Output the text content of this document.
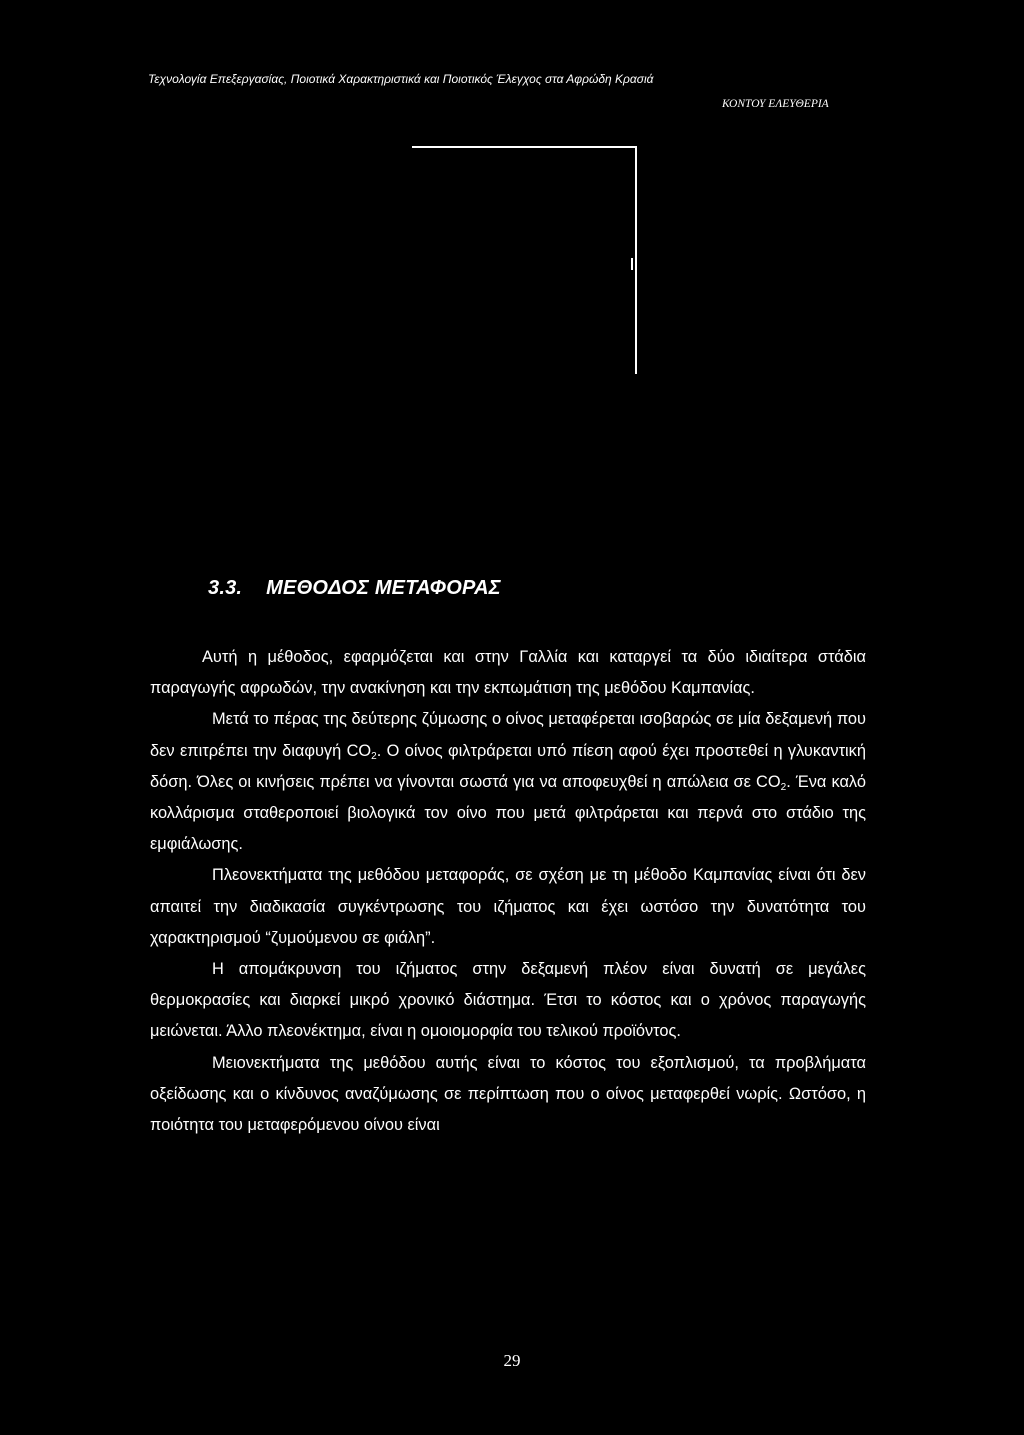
Τεχνολογία Επεξεργασίας, Ποιοτικά Χαρακτηριστικά και Ποιοτικός Έλεγχος στα Αφρώδη Κρασιά
ΚΟΝΤΟΥ ΕΛΕΥΘΕΡΙΑ
3.3. ΜΕΘΟΔΟΣ ΜΕΤΑΦΟΡΑΣ

Αυτή η μέθοδος, εφαρμόζεται και στην Γαλλία και καταργεί τα δύο ιδιαίτερα στάδια παραγωγής αφρωδών, την ανακίνηση και την εκπωμάτιση της μεθόδου Καμπανίας.

Μετά το πέρας της δεύτερης ζύμωσης ο οίνος μεταφέρεται ισοβαρώς σε μία δεξαμενή που δεν επιτρέπει την διαφυγή $CO_2$. Ο οίνος φιλτράρεται υπό πίεση αφού έχει προστεθεί η γλυκαντική δόση. Όλες οι κινήσεις πρέπει να γίνονται σωστά για να αποφευχθεί η απώλεια σε $CO_2$. Ένα καλό κολλάρισμα σταθεροποιεί βιολογικά τον οίνο που μετά φιλτράρεται και περνά στο στάδιο της εμφιάλωσης.

Πλεονεκτήματα της μεθόδου μεταφοράς, σε σχέση με τη μέθοδο Καμπανίας είναι ότι δεν απαιτεί την διαδικασία συγκέντρωσης του ιζήματος και έχει ωστόσο την δυνατότητα του χαρακτηρισμού “ζυμούμενου σε φιάλη”.

Η απομάκρυνση του ιζήματος στην δεξαμενή πλέον είναι δυνατή σε μεγάλες θερμοκρασίες και διαρκεί μικρό χρονικό διάστημα. Έτσι το κόστος και ο χρόνος παραγωγής μειώνεται. Άλλο πλεονέκτημα, είναι η ομοιομορφία του τελικού προϊόντος.

Μειονεκτήματα της μεθόδου αυτής είναι το κόστος του εξοπλισμού, τα προβλήματα οξείδωσης και ο κίνδυνος αναζύμωσης σε περίπτωση που ο οίνος μεταφερθεί νωρίς. Ωστόσο, η ποιότητα του μεταφερόμενου οίνου είναι

29
